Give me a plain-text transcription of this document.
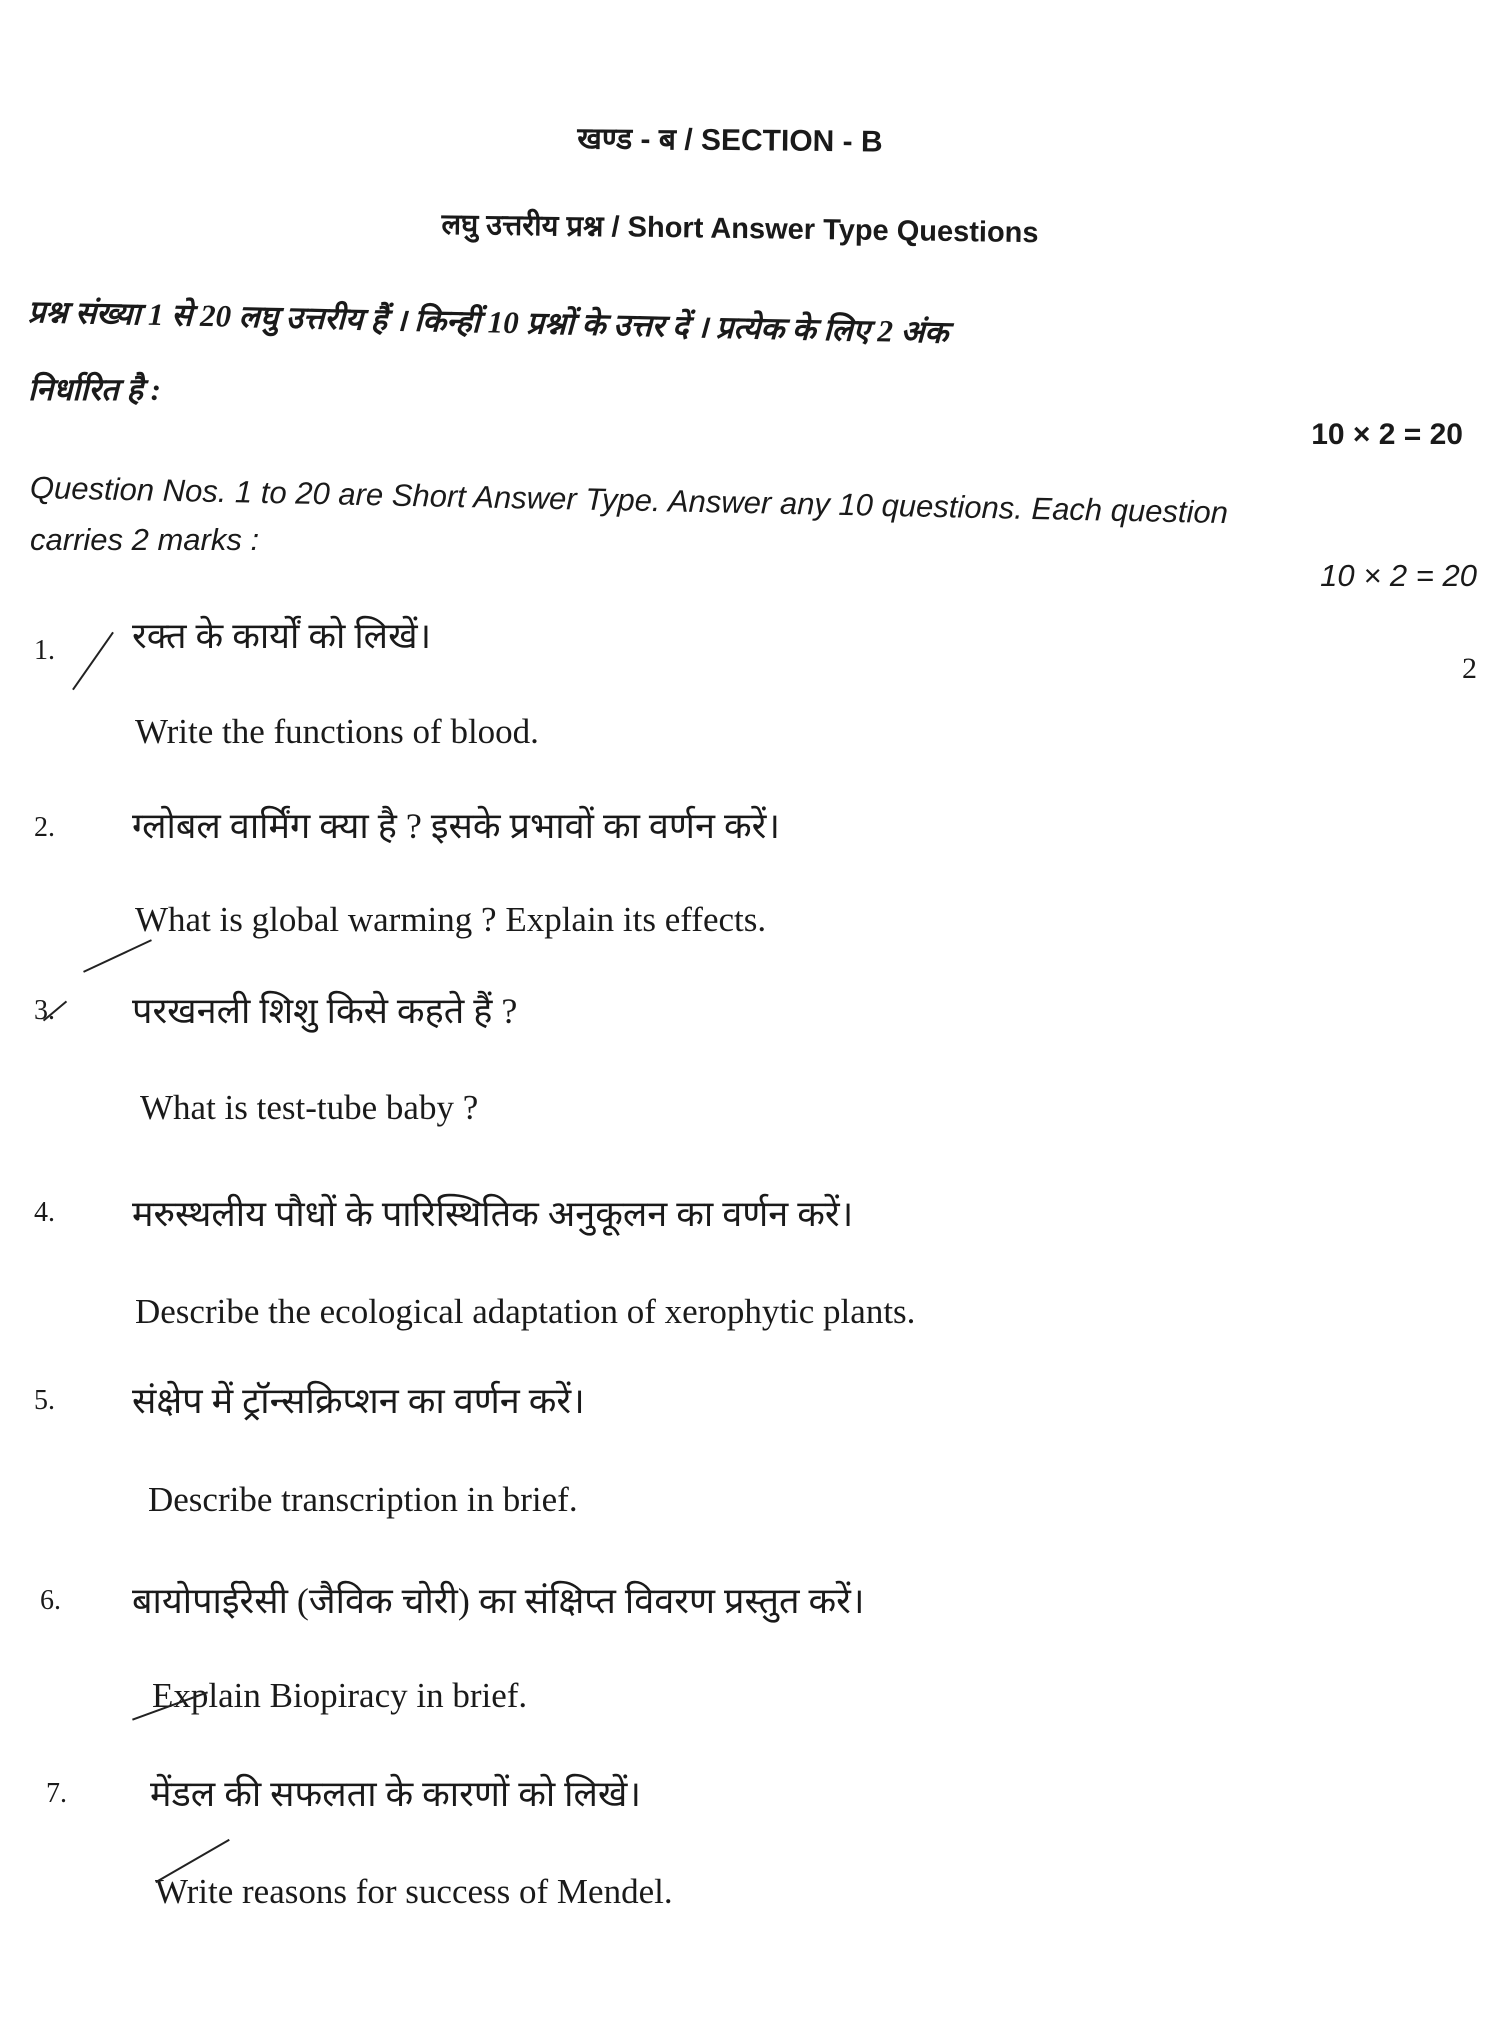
खण्ड - ब / SECTION - B
लघु उत्तरीय प्रश्न / Short Answer Type Questions
प्रश्न संख्या 1 से 20 लघु उत्तरीय हैं । किन्हीं 10 प्रश्नों के उत्तर दें । प्रत्येक के लिए 2 अंक
निर्धारित है :
10 × 2 = 20
Question Nos. 1 to 20 are Short Answer Type. Answer any 10 questions. Each question
carries 2 marks :
10 × 2 = 20
2
1. रक्त के कार्यों को लिखें।
Write the functions of blood.
2. ग्लोबल वार्मिंग क्या है ? इसके प्रभावों का वर्णन करें।
What is global warming ? Explain its effects.
3. परखनली शिशु किसे कहते हैं ?
What is test-tube baby ?
4. मरुस्थलीय पौधों के पारिस्थितिक अनुकूलन का वर्णन करें।
Describe the ecological adaptation of xerophytic plants.
5. संक्षेप में ट्रॉन्सक्रिप्शन का वर्णन करें।
Describe transcription in brief.
6. बायोपाईरेसी (जैविक चोरी) का संक्षिप्त विवरण प्रस्तुत करें।
Explain Biopiracy in brief.
7. मेंडल की सफलता के कारणों को लिखें।
Write reasons for success of Mendel.
